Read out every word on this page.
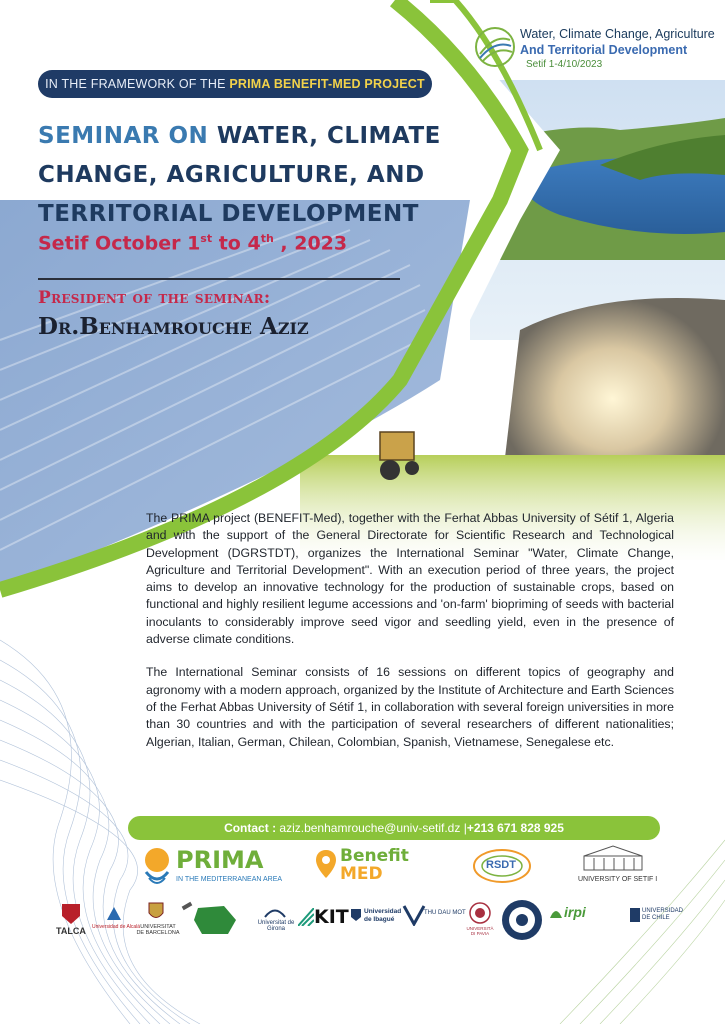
Water, Climate Change, Agriculture
And Territorial Development
Setif 1-4/10/2023
IN THE FRAMEWORK OF THE PRIMA BENEFIT-MED PROJECT
SEMINAR ON WATER, CLIMATE CHANGE, AGRICULTURE, AND TERRITORIAL DEVELOPMENT
Setif October 1st to 4th , 2023
President of the seminar:
Dr.Benhamrouche Aziz

The PRIMA project (BENEFIT-Med), together with the Ferhat Abbas University of Sétif 1, Algeria and with the support of the General Directorate for Scientific Research and Technological Development (DGRSTDT), organizes the International Seminar "Water, Climate Change, Agriculture and Territorial Development". With an execution period of three years, the project aims to develop an innovative technology for the production of sustainable crops, based on functional and highly resilient legume accessions and 'on-farm' biopriming of seeds with bacterial inoculants to considerably improve seed vigor and seedling yield, even in the presence of adverse climate conditions.

The International Seminar consists of 16 sessions on different topics of geography and agronomy with a modern approach, organized by the Institute of Architecture and Earth Sciences of the Ferhat Abbas University of Sétif 1, in collaboration with several foreign universities in more than 30 countries and with the participation of several researchers of different nationalities; Algerian, Italian, German, Chilean, Colombian, Spanish, Vietnamese, Senegalese etc.

Contact : aziz.benhamrouche@univ-setif.dz |+213 671 828 925
PRIMA
IN THE MEDITERRANEAN AREA
Benefit
MED	RSDT
UNIVERSITY OF SETIF I
TALCA Universidad de Alcalá UNIVERSITAT DE BARCELONA
Universitat de Girona
KIT Universidad de Ibagué
THU DAU MOT
UNIVERSITÀ DI PAVIA
irpi	UNIVERSIDAD DE CHILE
